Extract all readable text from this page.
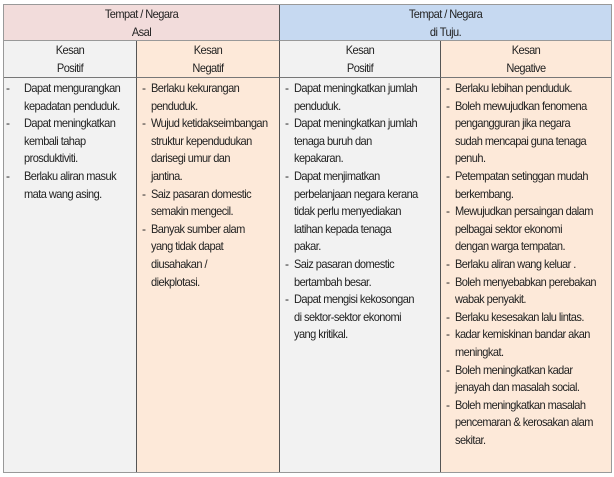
Tempat / Negara
Asal
Tempat / Negara
di Tuju.
Kesan
Positif
Kesan
Negatif
Kesan
Positif
Kesan
Negative
- Dapat mengurangkan
kepadatan penduduk.
- Dapat meningkatkan
kembali tahap
prosduktiviti.
- Berlaku aliran masuk
mata wang asing.
- Berlaku kekurangan
penduduk.
- Wujud ketidakseimbangan
struktur kependudukan
darisegi umur dan
jantina.
- Saiz pasaran domestic
semakin mengecil.
- Banyak sumber alam
yang tidak dapat
diusahakan /
diekplotasi.
- Dapat meningkatkan jumlah
penduduk.
- Dapat meningkatkan jumlah
tenaga buruh dan
kepakaran.
- Dapat menjimatkan
perbelanjaan negara kerana
tidak perlu menyediakan
latihan kepada tenaga
pakar.
- Saiz pasaran domestic
bertambah besar.
- Dapat mengisi kekosongan
di sektor-sektor ekonomi
yang kritikal.
- Berlaku lebihan penduduk.
- Boleh mewujudkan fenomena
pengangguran jika negara
sudah mencapai guna tenaga
penuh.
- Petempatan setinggan mudah
berkembang.
- Mewujudkan persaingan dalam
pelbagai sektor ekonomi
dengan warga tempatan.
- Berlaku aliran wang keluar .
- Boleh menyebabkan perebakan
wabak penyakit.
- Berlaku kesesakan lalu lintas.
- kadar kemiskinan bandar akan
meningkat.
- Boleh meningkatkan kadar
jenayah dan masalah social.
- Boleh meningkatkan masalah
pencemaran & kerosakan alam
sekitar.
